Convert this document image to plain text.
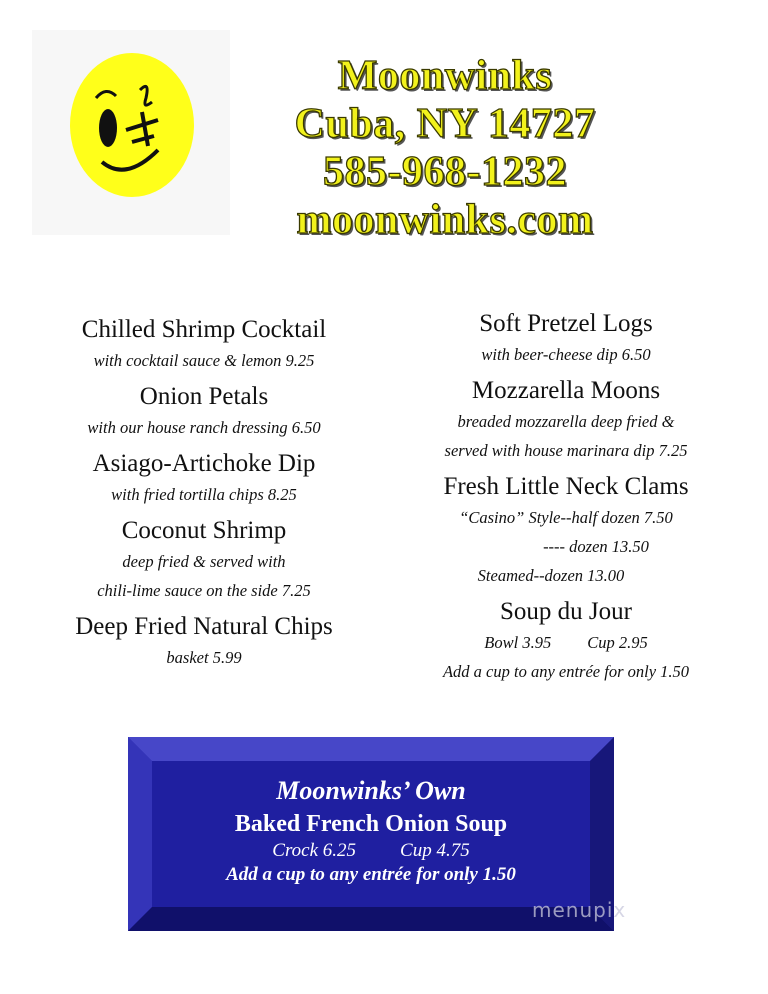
Moonwinks
Cuba, NY 14727
585-968-1232
moonwinks.com
Chilled Shrimp Cocktail
with cocktail sauce & lemon 9.25
Onion Petals
with our house ranch dressing 6.50
Asiago-Artichoke Dip
with fried tortilla chips 8.25
Coconut Shrimp
deep fried & served with
chili-lime sauce on the side 7.25
Deep Fried Natural Chips
basket 5.99
Soft Pretzel Logs
with beer-cheese dip 6.50
Mozzarella Moons
breaded mozzarella deep fried &
served with house marinara dip 7.25
Fresh Little Neck Clams
“Casino” Style--half dozen 7.50
---- dozen 13.50
Steamed--dozen 13.00
Soup du Jour
Bowl 3.95 Cup 2.95
Add a cup to any entrée for only 1.50
Moonwinks’ Own
Baked French Onion Soup
Crock 6.25 Cup 4.75
Add a cup to any entrée for only 1.50
menupix
